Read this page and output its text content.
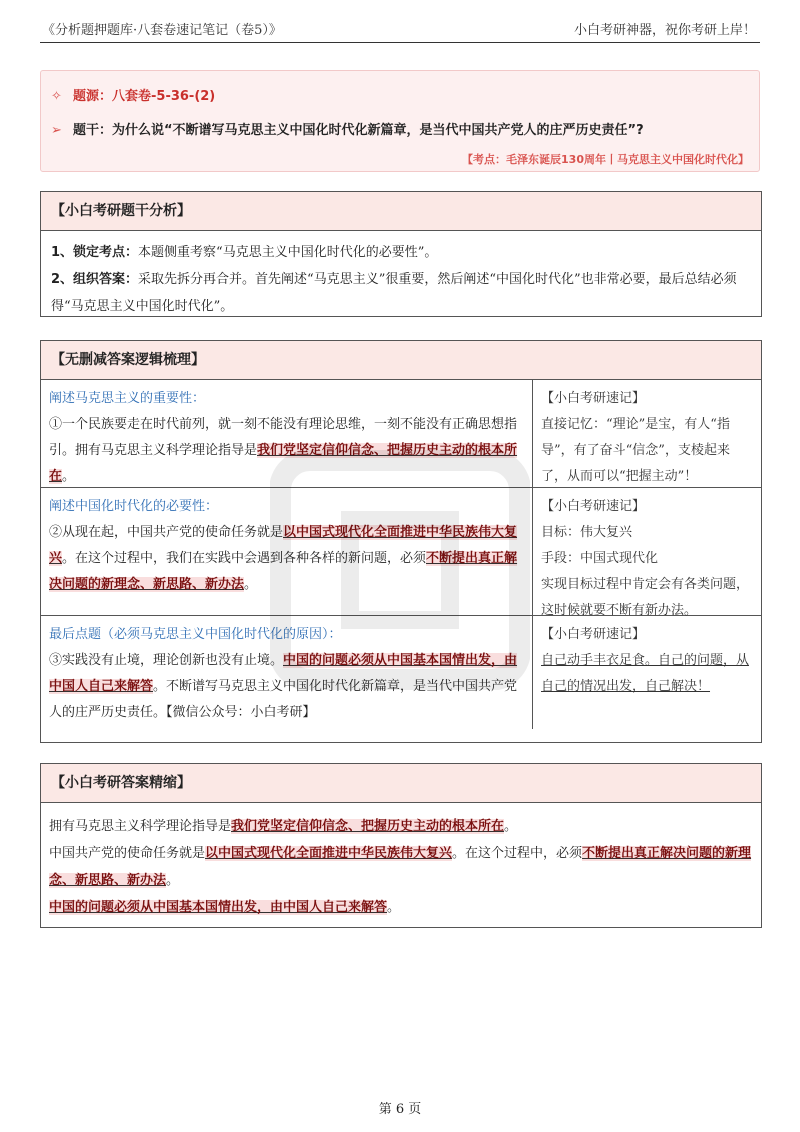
《分析题押题库·八套卷速记笔记（卷5）》	小白考研神器，祝你考研上岸！
✧ 题源：八套卷-5-36-(2)
➢ 题干：为什么说“不断谱写马克思主义中国化时代化新篇章，是当代中国共产党人的庄严历史责任”?
【考点：毛泽东诞辰130周年丨马克思主义中国化时代化】
【小白考研题干分析】
1、锁定考点：本题侧重考察“马克思主义中国化时代化的必要性”。
2、组织答案：采取先拆分再合并。首先阐述“马克思主义”很重要，然后阐述“中国化时代化”也非常必要，最后总结必须得“马克思主义中国化时代化”。
【无删减答案逻辑梳理】
阐述马克思主义的重要性：
①一个民族要走在时代前列，就一刻不能没有理论思维，一刻不能没有正确思想指引。拥有马克思主义科学理论指导是我们党坚定信仰信念、把握历史主动的根本所在。
【小白考研速记】
直接记忆：“理论”是宝，有人“指导”，有了奋斗“信念”，支棱起来了，从而可以“把握主动”！
阐述中国化时代化的必要性：
②从现在起，中国共产党的使命任务就是以中国式现代化全面推进中华民族伟大复兴。在这个过程中，我们在实践中会遇到各种各样的新问题，必须不断提出真正解决问题的新理念、新思路、新办法。
【小白考研速记】
目标：伟大复兴
手段：中国式现代化
实现目标过程中肯定会有各类问题，这时候就要不断有新办法。
最后点题（必须马克思主义中国化时代化的原因）：
③实践没有止境，理论创新也没有止境。中国的问题必须从中国基本国情出发，由中国人自己来解答。不断谱写马克思主义中国化时代化新篇章，是当代中国共产党人的庄严历史责任。【微信公众号：小白考研】
【小白考研速记】
自己动手丰衣足食。自己的问题，从自己的情况出发，自己解决！
【小白考研答案精缩】
拥有马克思主义科学理论指导是我们党坚定信仰信念、把握历史主动的根本所在。
中国共产党的使命任务就是以中国式现代化全面推进中华民族伟大复兴。在这个过程中，必须不断提出真正解决问题的新理念、新思路、新办法。
中国的问题必须从中国基本国情出发，由中国人自己来解答。
第 6 页
